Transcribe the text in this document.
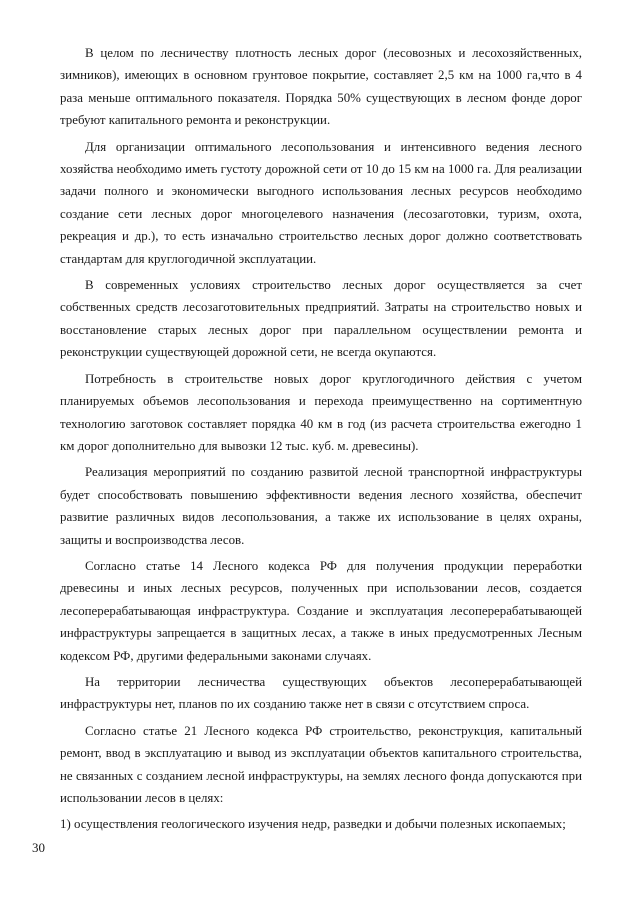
В целом по лесничеству плотность лесных дорог (лесовозных и лесохозяйственных, зимников), имеющих в основном грунтовое покрытие, составляет 2,5 км на 1000 га,что в 4 раза меньше оптимального показателя. Порядка 50% существующих в лесном фонде дорог требуют капитального ремонта и реконструкции.

Для организации оптимального лесопользования и интенсивного ведения лесного хозяйства необходимо иметь густоту дорожной сети от 10 до 15 км на 1000 га. Для реализации задачи полного и экономически выгодного использования лесных ресурсов необходимо создание сети лесных дорог многоцелевого назначения (лесозаготовки, туризм, охота, рекреация и др.), то есть изначально строительство лесных дорог должно соответствовать стандартам для круглогодичной эксплуатации.

В современных условиях строительство лесных дорог осуществляется за счет собственных средств лесозаготовительных предприятий. Затраты на строительство новых и восстановление старых лесных дорог при параллельном осуществлении ремонта и реконструкции существующей дорожной сети, не всегда окупаются.

Потребность в строительстве новых дорог круглогодичного действия с учетом планируемых объемов лесопользования и перехода преимущественно на сортиментную технологию заготовок составляет порядка 40 км в год (из расчета строительства ежегодно 1 км дорог дополнительно для вывозки 12 тыс. куб. м. древесины).

Реализация мероприятий по созданию развитой лесной транспортной инфраструктуры будет способствовать повышению эффективности ведения лесного хозяйства, обеспечит развитие различных видов лесопользования, а также их использование в целях охраны, защиты и воспроизводства лесов.

Согласно статье 14 Лесного кодекса РФ для получения продукции переработки древесины и иных лесных ресурсов, полученных при использовании лесов, создается лесоперерабатывающая инфраструктура. Создание и эксплуатация лесоперерабатывающей инфраструктуры запрещается в защитных лесах, а также в иных предусмотренных Лесным кодексом РФ, другими федеральными законами случаях.

На территории лесничества существующих объектов лесоперерабатывающей инфраструктуры нет, планов по их созданию также нет в связи с отсутствием спроса.

Согласно статье 21 Лесного кодекса РФ строительство, реконструкция, капитальный ремонт, ввод в эксплуатацию и вывод из эксплуатации объектов капитального строительства, не связанных с созданием лесной инфраструктуры, на землях лесного фонда допускаются при использовании лесов в целях:

1) осуществления геологического изучения недр, разведки и добычи полезных ископаемых;

30
